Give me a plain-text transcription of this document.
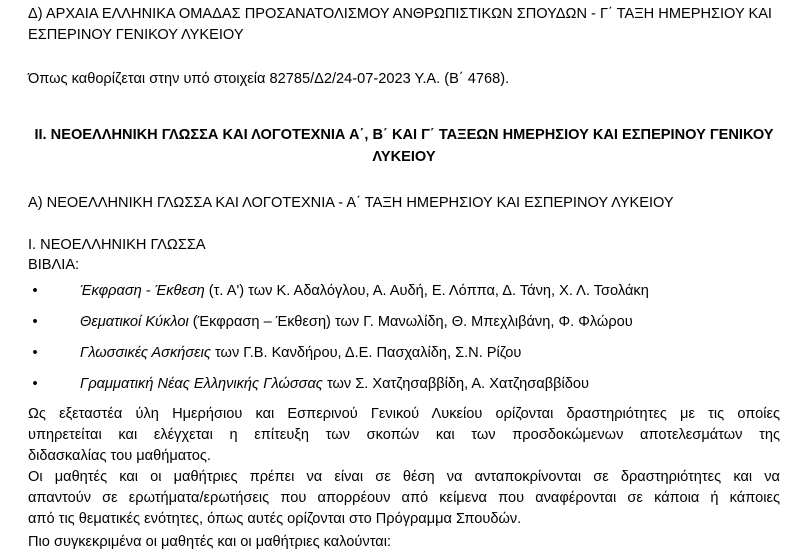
Δ) ΑΡΧΑΙΑ ΕΛΛΗΝΙΚΑ ΟΜΑΔΑΣ ΠΡΟΣΑΝΑΤΟΛΙΣΜΟΥ ΑΝΘΡΩΠΙΣΤΙΚΩΝ ΣΠΟΥΔΩΝ - Γ΄ ΤΑΞΗ ΗΜΕΡΗΣΙΟΥ ΚΑΙ
ΕΣΠΕΡΙΝΟΥ ΓΕΝΙΚΟΥ ΛΥΚΕΙΟΥ
Όπως καθορίζεται στην υπό στοιχεία 82785/Δ2/24-07-2023 Υ.Α. (Β΄ 4768).
ΙΙ. ΝΕΟΕΛΛΗΝΙΚΗ ΓΛΩΣΣΑ ΚΑΙ ΛΟΓΟΤΕΧΝΙΑ Α΄, Β΄ ΚΑΙ Γ΄ ΤΑΞΕΩΝ ΗΜΕΡΗΣΙΟΥ ΚΑΙ ΕΣΠΕΡΙΝΟΥ ΓΕΝΙΚΟΥ
ΛΥΚΕΙΟΥ
Α) ΝΕΟΕΛΛΗΝΙΚΗ ΓΛΩΣΣΑ ΚΑΙ ΛΟΓΟΤΕΧΝΙΑ - Α΄ ΤΑΞΗ ΗΜΕΡΗΣΙΟΥ ΚΑΙ ΕΣΠΕΡΙΝΟΥ ΛΥΚΕΙΟΥ
Ι. ΝΕΟΕΛΛΗΝΙΚΗ ΓΛΩΣΣΑ
ΒΙΒΛΙΑ:
•	Έκφραση - Έκθεση (τ. Α') των Κ. Αδαλόγλου, Α. Αυδή, Ε. Λόππα, Δ. Τάνη, Χ. Λ. Τσολάκη
•	Θεματικοί Κύκλοι (Έκφραση – Έκθεση) των Γ. Μανωλίδη, Θ. Μπεχλιβάνη, Φ. Φλώρου
•	Γλωσσικές Ασκήσεις των Γ.Β. Κανδήρου, Δ.Ε. Πασχαλίδη, Σ.Ν. Ρίζου
•	Γραμματική Νέας Ελληνικής Γλώσσας των Σ. Χατζησαββίδη, Α. Χατζησαββίδου
Ως εξεταστέα ύλη Ημερήσιου και Εσπερινού Γενικού Λυκείου ορίζονται δραστηριότητες με τις οποίες
υπηρετείται και ελέγχεται η επίτευξη των σκοπών και των προσδοκώμενων αποτελεσμάτων της
διδασκαλίας του μαθήματος.
Οι μαθητές και οι μαθήτριες πρέπει να είναι σε θέση να ανταποκρίνονται σε δραστηριότητες και να
απαντούν σε ερωτήματα/ερωτήσεις που απορρέουν από κείμενα που αναφέρονται σε κάποια ή κάποιες
από τις θεματικές ενότητες, όπως αυτές ορίζονται στο Πρόγραμμα Σπουδών.
Πιο συγκεκριμένα οι μαθητές και οι μαθήτριες καλούνται:
